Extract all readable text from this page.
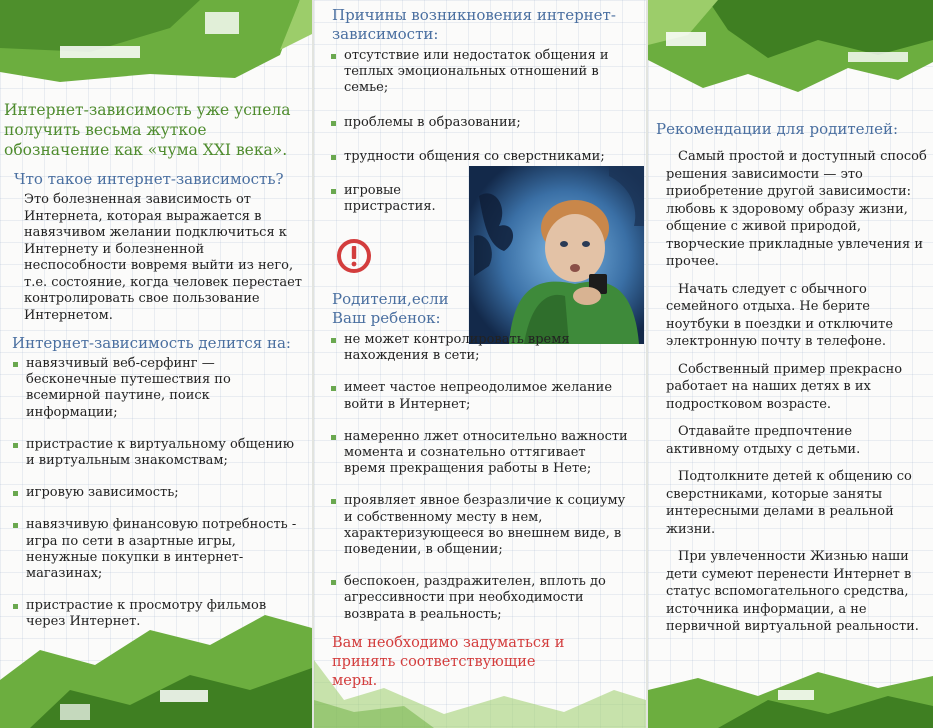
Интернет-зависимость уже успела получить весьма жуткое обозначение как «чума XXI века».
Что такое интернет-зависимость?
Это болезненная зависимость от Интернета, которая выражается в навязчивом желании подключиться к Интернету и болезненной неспособности вовремя выйти из него, т.е. состояние, когда человек перестает контролировать свое пользование Интернетом.
Интернет-зависимость делится на:
навязчивый веб-серфинг — бесконечные путешествия по всемирной паутине, поиск информации;
пристрастие к виртуальному общению и виртуальным знакомствам;
игровую зависимость;
навязчивую финансовую потребность - игра по сети в азартные игры, ненужные покупки в интернет-магазинах;
пристрастие к просмотру фильмов через Интернет.
Причины возникновения интернет-зависимости:
отсутствие или недостаток общения и теплых эмоциональных отношений в семье;
проблемы в образовании;
трудности общения со сверстниками;
игровые пристрастия.
Родители,если Ваш ребенок:
не может контролировать время нахождения в сети;
имеет частое непреодолимое желание войти в Интернет;
намеренно лжет относительно важности момента и сознательно оттягивает время прекращения работы в Нете;
проявляет явное безразличие к социуму и собственному месту в нем, характеризующееся во внешнем виде, в поведении, в общении;
беспокоен, раздражителен, вплоть до агрессивности при необходимости возврата в реальность;
Вам необходимо задуматься и принять соответствующие меры.
Рекомендации для родителей:

Самый простой и доступный способ решения зависимости — это приобретение другой зависимости: любовь к здоровому образу жизни, общение с живой природой, творческие прикладные увлечения и прочее.

Начать следует с обычного семейного отдыха. Не берите ноутбуки в поездки и отключите электронную почту в телефоне.

Собственный пример прекрасно работает на наших детях в их подростковом возрасте.

Отдавайте предпочтение активному отдыху с детьми.

Подтолкните детей к общению со сверстниками, которые заняты интересными делами в реальной жизни.

При увлеченности Жизнью наши дети сумеют перенести Интернет в статус вспомогательного средства, источника информации, а не первичной виртуальной реальности.
